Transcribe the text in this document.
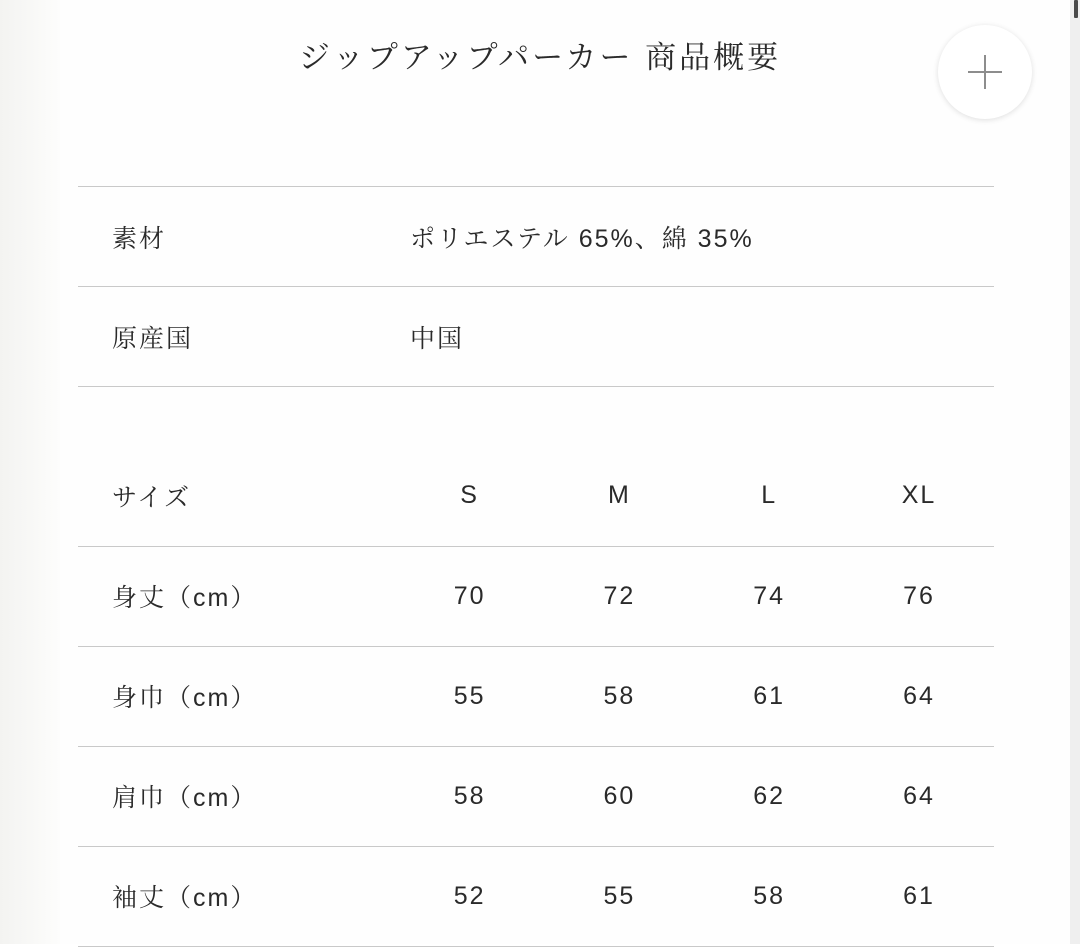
ジップアップパーカー 商品概要
素材	ポリエステル 65%、綿 35%
原産国	中国
サイズ	S	M	L	XL
身丈（cm）	70	72	74	76
身巾（cm）	55	58	61	64
肩巾（cm）	58	60	62	64
袖丈（cm）	52	55	58	61
